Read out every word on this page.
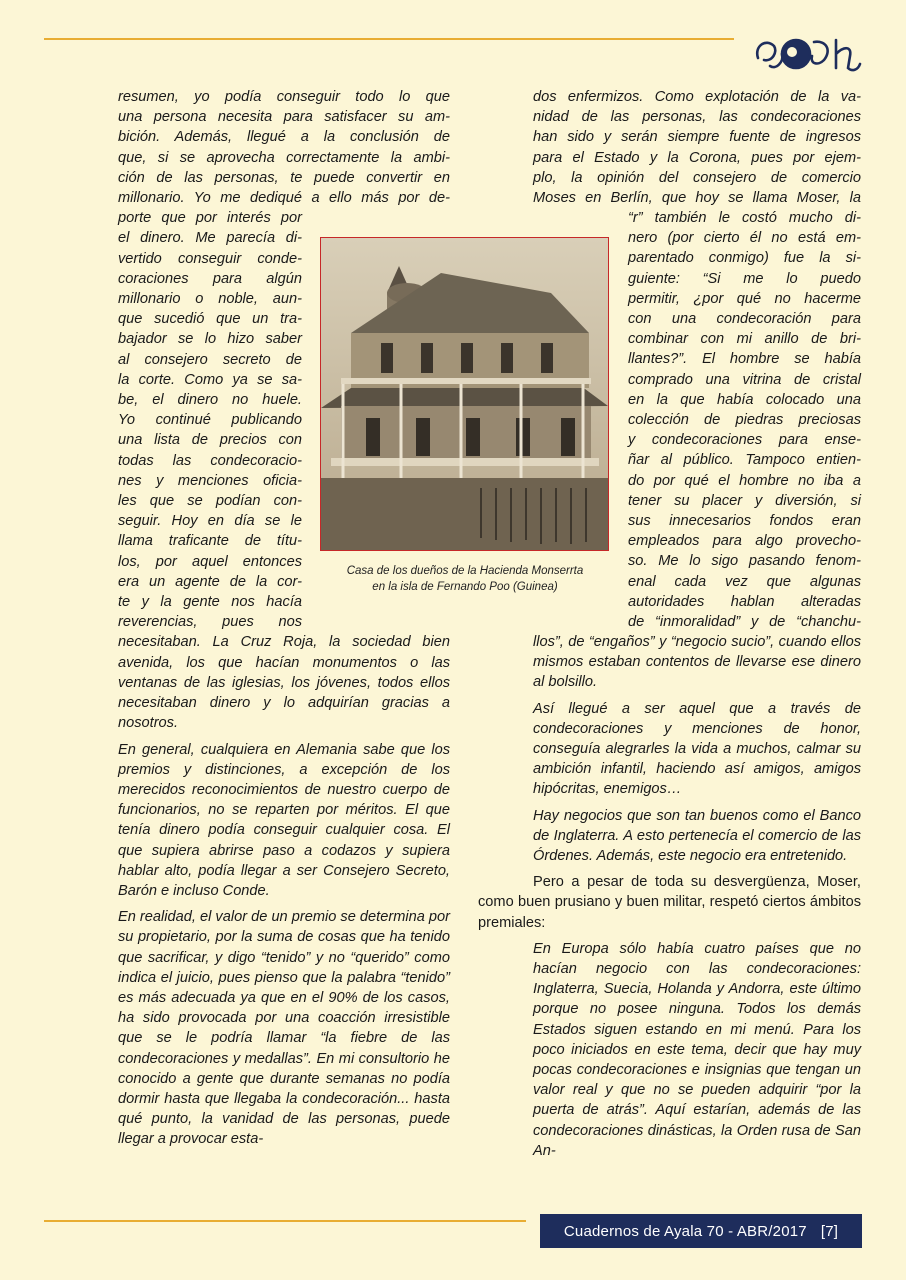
resumen, yo podía conseguir todo lo que
una persona necesita para satisfacer su am-
bición. Además, llegué a la conclusión de
que, si se aprovecha correctamente la ambi-
ción de las personas, te puede convertir en
millonario. Yo me dediqué a ello más por de-
porte que por interés por
el dinero. Me parecía di-
vertido conseguir conde-
coraciones para algún
millonario o noble, aun-
que sucedió que un tra-
bajador se lo hizo saber
al consejero secreto de
la corte. Como ya se sa-
be, el dinero no huele.
Yo continué publicando
una lista de precios con
todas las condecoracio-
nes y menciones oficia-
les que se podían con-
seguir. Hoy en día se le
llama traficante de títu-
los, por aquel entonces
era un agente de la cor-
te y la gente nos hacía
reverencias, pues nos

necesitaban. La Cruz Roja, la sociedad bien avenida, los que hacían monumentos o las ventanas de las iglesias, los jóvenes, todos ellos necesitaban dinero y lo adquirían gracias a nosotros.

En general, cualquiera en Alemania sabe que los premios y distinciones, a excepción de los merecidos reconocimientos de nuestro cuerpo de funcionarios, no se reparten por méritos. El que tenía dinero podía conseguir cualquier cosa. El que supiera abrirse paso a codazos y supiera hablar alto, podía llegar a ser Consejero Secreto, Barón e incluso Conde.

En realidad, el valor de un premio se determina por su propietario, por la suma de cosas que ha tenido que sacrificar, y digo “tenido” y no “querido” como indica el juicio, pues pienso que la palabra “tenido” es más adecuada ya que en el 90% de los casos, ha sido provocada por una coacción irresistible que se le podría llamar “la fiebre de las condecoraciones y medallas”. En mi consultorio he conocido a gente que durante semanas no podía dormir hasta que llegaba la condecoración... hasta qué punto, la vanidad de las personas, puede llegar a provocar esta-

Casa de los dueños de la Hacienda Monserrta
en la isla de Fernando Poo (Guinea)
dos enfermizos. Como explotación de la va-
nidad de las personas, las condecoraciones
han sido y serán siempre fuente de ingresos
para el Estado y la Corona, pues por ejem-
plo, la opinión del consejero de comercio
Moses en Berlín, que hoy se llama Moser, la
“r” también le costó mucho di-
nero (por cierto él no está em-
parentado conmigo) fue la si-
guiente: “Si me lo puedo
permitir, ¿por qué no hacerme
con una condecoración para
combinar con mi anillo de bri-
llantes?”. El hombre se había
comprado una vitrina de cristal
en la que había colocado una
colección de piedras preciosas
y condecoraciones para ense-
ñar al público. Tampoco entien-
do por qué el hombre no iba a
tener su placer y diversión, si
sus innecesarios fondos eran
empleados para algo provecho-
so. Me lo sigo pasando fenom-
enal cada vez que algunas
autoridades hablan alteradas
de “inmoralidad” y de “chanchu-

llos”, de “engaños” y “negocio sucio”, cuando ellos mismos estaban contentos de llevarse ese dinero al bolsillo.

Así llegué a ser aquel que a través de condecoraciones y menciones de honor, conseguía alegrarles la vida a muchos, calmar su ambición infantil, haciendo así amigos, amigos hipócritas, enemigos…

Hay negocios que son tan buenos como el Banco de Inglaterra. A esto pertenecía el comercio de las Órdenes. Además, este negocio era entretenido.

Pero a pesar de toda su desvergüenza, Moser, como buen prusiano y buen militar, respetó ciertos ámbitos premiales:

En Europa sólo había cuatro países que no hacían negocio con las condecoraciones: Inglaterra, Suecia, Holanda y Andorra, este último porque no posee ninguna. Todos los demás Estados siguen estando en mi menú. Para los poco iniciados en este tema, decir que hay muy pocas condecoraciones e insignias que tengan un valor real y que no se pueden adquirir “por la puerta de atrás”. Aquí estarían, además de las condecoraciones dinásticas, la Orden rusa de San An-

Cuadernos de Ayala 70 - ABR/2017 [7]
